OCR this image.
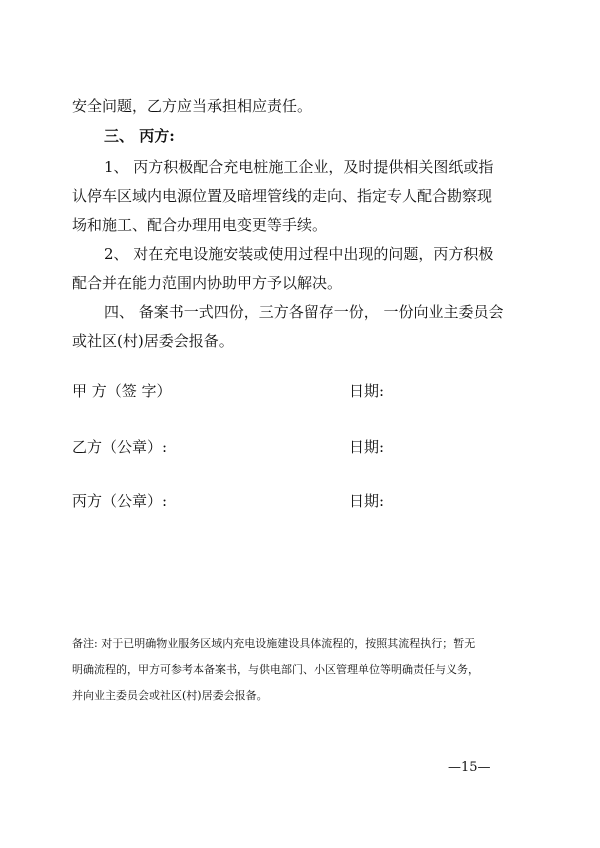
安全问题，乙方应当承担相应责任。
三、 丙方:
1、 丙方积极配合充电桩施工企业，及时提供相关图纸或指
认停车区域内电源位置及暗埋管线的走向、指定专人配合勘察现
场和施工、配合办理用电变更等手续。
2、 对在充电设施安装或使用过程中出现的问题，丙方积极
配合并在能力范围内协助甲方予以解决。
四、 备案书一式四份，三方各留存一份， 一份向业主委员会
或社区(村)居委会报备。
甲 方（签 字）	日期:
乙方（公章）:	日期:
丙方（公章）:	日期:
备注: 对于已明确物业服务区域内充电设施建设具体流程的，按照其流程执行；暂无
明确流程的，甲方可参考本备案书，与供电部门、小区管理单位等明确责任与义务，
并向业主委员会或社区(村)居委会报备。
—15—
